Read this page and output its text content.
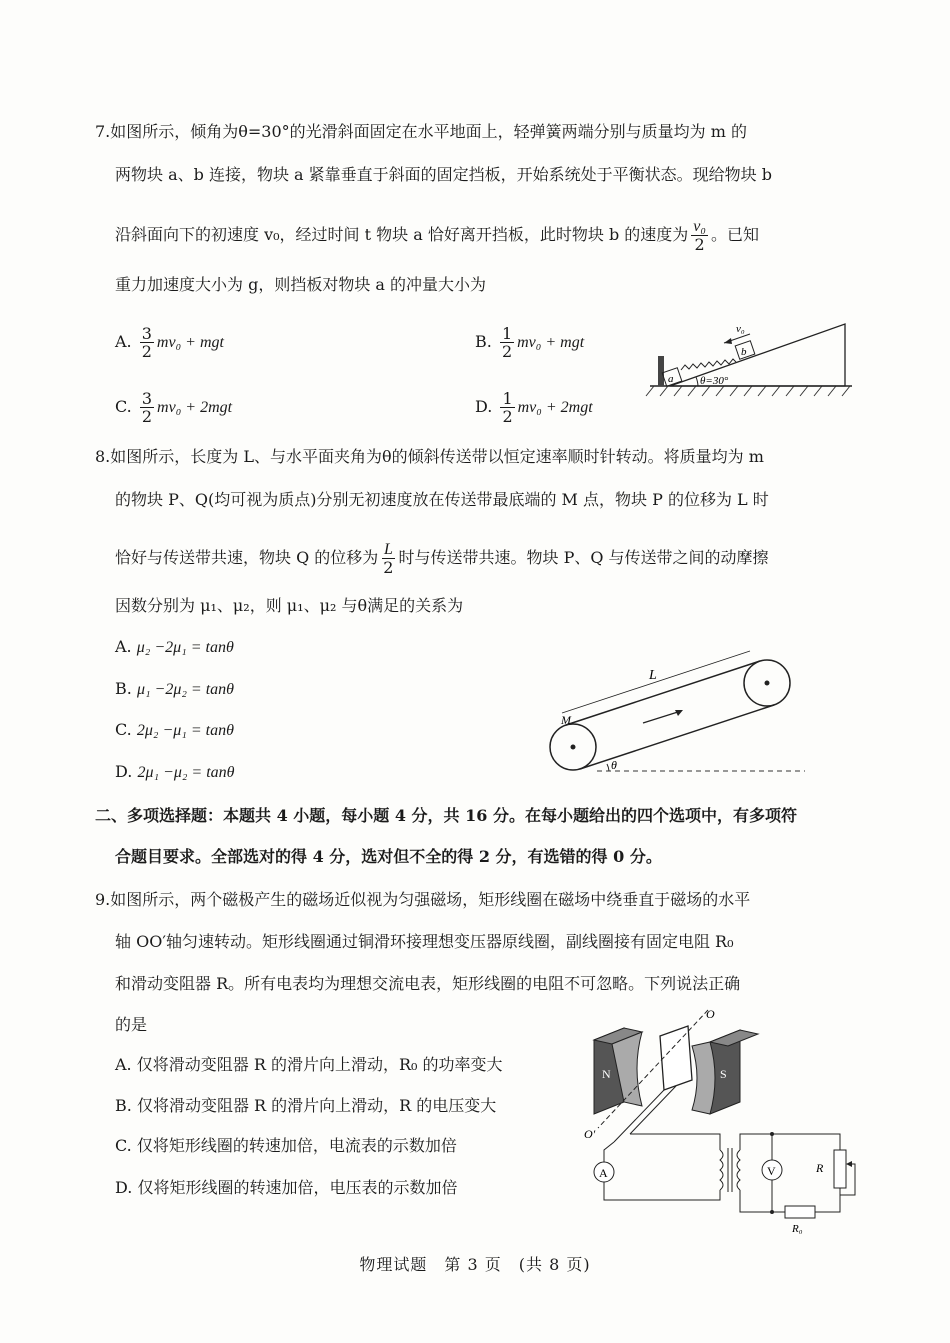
7.如图所示，倾角为θ=30°的光滑斜面固定在水平地面上，轻弹簧两端分别与质量均为 m 的
两物块 a、b 连接，物块 a 紧靠垂直于斜面的固定挡板，开始系统处于平衡状态。现给物块 b
沿斜面向下的初速度 v₀，经过时间 t 物块 a 恰好离开挡板，此时物块 b 的速度为 $\frac{\text{v₀}}{2}$ 。已知
重力加速度大小为 g，则挡板对物块 a 的冲量大小为
A. $\frac{3}{2} mv_0$ + mgt	B. $\frac{1}{2} mv_0$ + mgt
C. $\frac{3}{2} mv_0 + 2mgt$	D. $\frac{1}{2} mv_0 + 2mgt$
a
b
v₀
θ=30°
8.如图所示，长度为 L、与水平面夹角为θ的倾斜传送带以恒定速率顺时针转动。将质量均为 m
的物块 P、Q(均可视为质点)分别无初速度放在传送带最底端的 M 点，物块 P 的位移为 L 时
恰好与传送带共速，物块 Q 的位移为 $\frac{L}{2}$ 时与传送带共速。物块 P、Q 与传送带之间的动摩擦
因数分别为 μ₁、μ₂，则 μ₁、μ₂ 与θ满足的关系为
A. μ₂ −2μ₁ = tanθ
B. μ₁ −2μ₂ = tanθ
C. 2μ₂ −μ₁ = tanθ
D. 2μ₁ −μ₂ = tanθ
L
M
θ
二、多项选择题：本题共 4 小题，每小题 4 分，共 16 分。在每小题给出的四个选项中，有多项符
合题目要求。全部选对的得 4 分，选对但不全的得 2 分，有选错的得 0 分。
9.如图所示，两个磁极产生的磁场近似视为匀强磁场，矩形线圈在磁场中绕垂直于磁场的水平
轴 OO′轴匀速转动。矩形线圈通过铜滑环接理想变压器原线圈，副线圈接有固定电阻 R₀
和滑动变阻器 R。所有电表均为理想交流电表，矩形线圈的电阻不可忽略。下列说法正确
的是
A. 仅将滑动变阻器 R 的滑片向上滑动，R₀ 的功率变大
B. 仅将滑动变阻器 R 的滑片向上滑动，R 的电压变大
C. 仅将矩形线圈的转速加倍，电流表的示数加倍
D. 仅将矩形线圈的转速加倍，电压表的示数加倍
N	S
O
O′
A
R₀
V	R
物理试题　第 3 页　(共 8 页)
